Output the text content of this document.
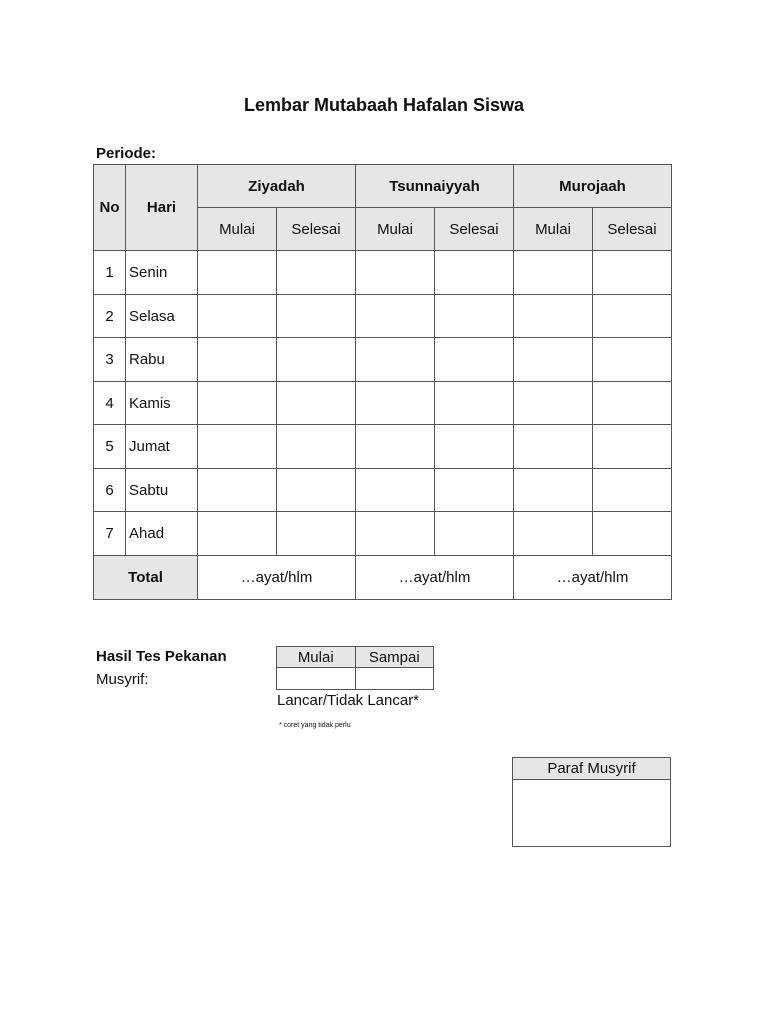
Lembar Mutabaah Hafalan Siswa
Periode:
No	Hari	Ziyadah		Tsunnaiyyah		Murojaah	
		Mulai	Selesai	Mulai	Selesai	Mulai	Selesai
1	Senin						
2	Selasa						
3	Rabu						
4	Kamis						
5	Jumat						
6	Sabtu						
7	Ahad						
Total		…ayat/hlm		…ayat/hlm		…ayat/hlm	
Hasil Tes Pekanan
Musyrif:
Mulai	Sampai

Lancar/Tidak Lancar*
* coret yang tidak perlu
Paraf Musyrif
